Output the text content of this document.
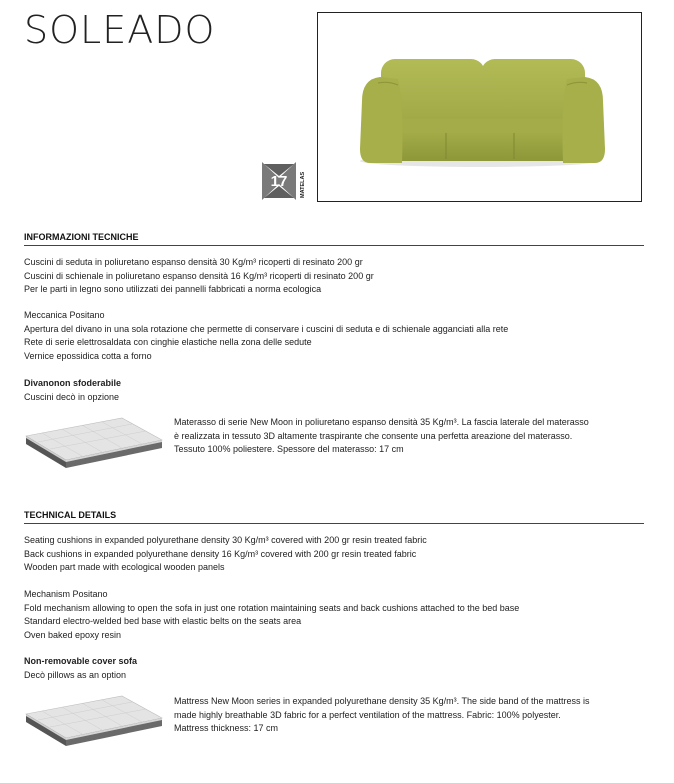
SOLEADO
17 MATELAS
INFORMAZIONI TECNICHE
Cuscini di seduta in poliuretano espanso densità 30 Kg/m³ ricoperti di resinato 200 gr
Cuscini di schienale in poliuretano espanso densità 16 Kg/m³ ricoperti di resinato 200 gr
Per le parti in legno sono utilizzati dei pannelli fabbricati a norma ecologica
Meccanica Positano
Apertura del divano in una sola rotazione che permette di conservare i cuscini di seduta e di schienale agganciati alla rete
Rete di serie elettrosaldata con cinghie elastiche nella zona delle sedute
Vernice epossidica cotta a forno
Divanonon sfoderabile
Cuscini decò in opzione
Materasso di serie New Moon in poliuretano espanso densità 35 Kg/m³. La fascia laterale del materasso
è realizzata in tessuto 3D altamente traspirante che consente una perfetta areazione del materasso.
Tessuto 100% poliestere. Spessore del materasso: 17 cm
TECHNICAL DETAILS
Seating cushions in expanded polyurethane density 30 Kg/m³ covered with 200 gr resin treated fabric
Back cushions in expanded polyurethane density 16 Kg/m³ covered with 200 gr resin treated fabric
Wooden part made with ecological wooden panels
Mechanism Positano
Fold mechanism allowing to open the sofa in just one rotation maintaining seats and back cushions attached to the bed base
Standard electro-welded bed base with elastic belts on the seats area
Oven baked epoxy resin
Non-removable cover sofa
Decò pillows as an option
Mattress New Moon series in expanded polyurethane density 35 Kg/m³. The side band of the mattress is
made highly breathable 3D fabric for a perfect ventilation of the mattress. Fabric: 100% polyester.
Mattress thickness: 17 cm
